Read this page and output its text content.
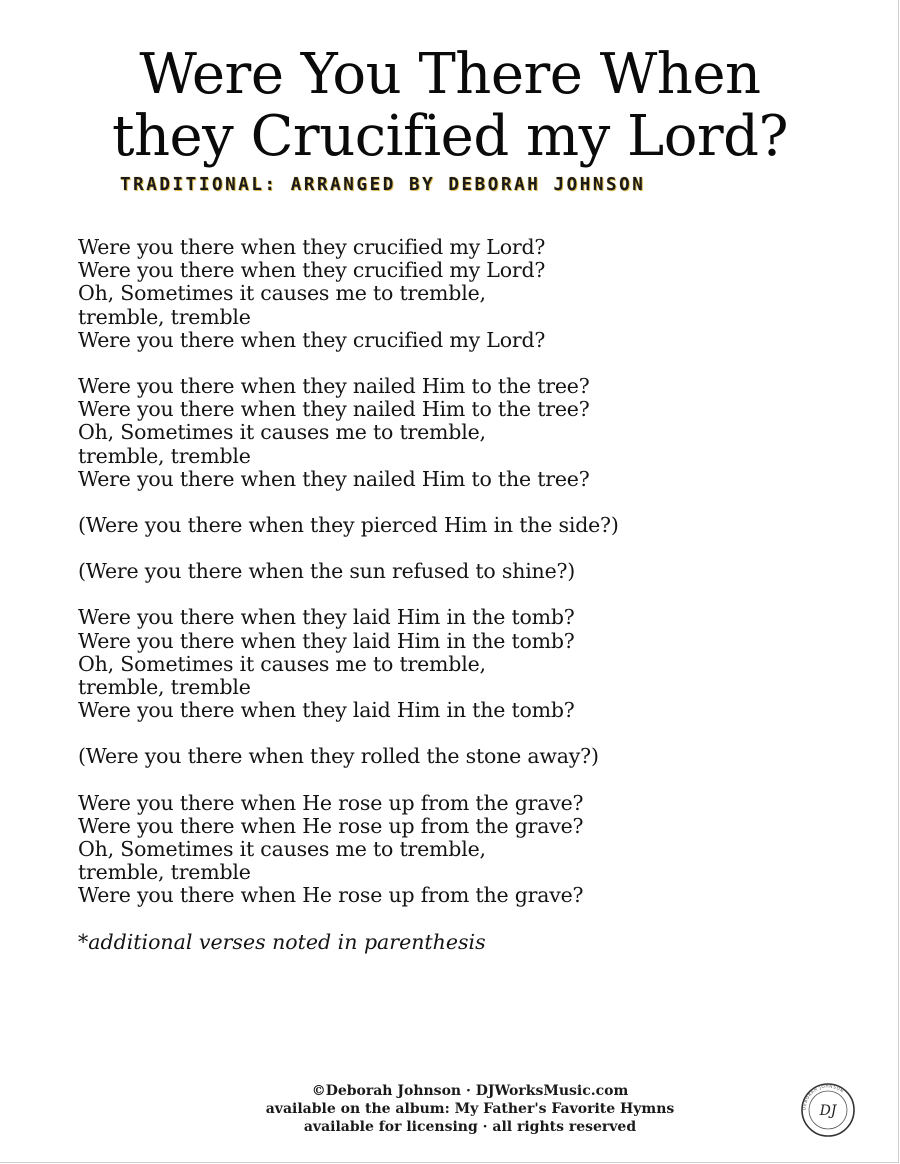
Were You There When
they Crucified my Lord?
TRADITIONAL: ARRANGED BY DEBORAH JOHNSON
Were you there when they crucified my Lord?
Were you there when they crucified my Lord?
Oh, Sometimes it causes me to tremble,
tremble, tremble
Were you there when they crucified my Lord?
Were you there when they nailed Him to the tree?
Were you there when they nailed Him to the tree?
Oh, Sometimes it causes me to tremble,
tremble, tremble
Were you there when they nailed Him to the tree?
(Were you there when they pierced Him in the side?)
(Were you there when the sun refused to shine?)
Were you there when they laid Him in the tomb?
Were you there when they laid Him in the tomb?
Oh, Sometimes it causes me to tremble,
tremble, tremble
Were you there when they laid Him in the tomb?
(Were you there when they rolled the stone away?)
Were you there when He rose up from the grave?
Were you there when He rose up from the grave?
Oh, Sometimes it causes me to tremble,
tremble, tremble
Were you there when He rose up from the grave?
*additional verses noted in parenthesis
©Deborah Johnson · DJWorksMusic.com
available on the album: My Father's Favorite Hymns
available for licensing · all rights reserved
DEBORAH JOHNSON
DJ
